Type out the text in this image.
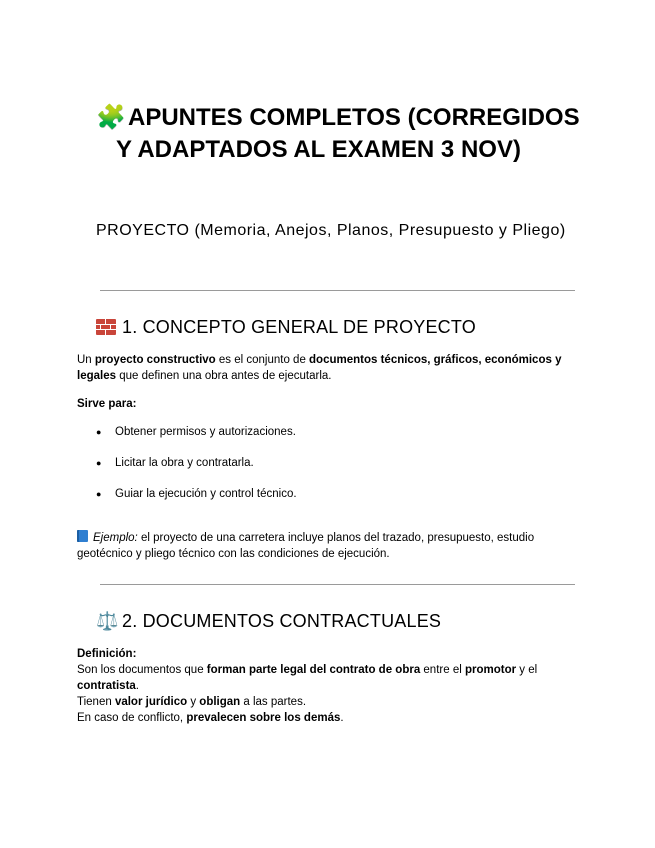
🧩APUNTES COMPLETOS (CORREGIDOS Y ADAPTADOS AL EXAMEN 3 NOV)
PROYECTO (Memoria, Anejos, Planos, Presupuesto y Pliego)
1. CONCEPTO GENERAL DE PROYECTO
Un proyecto constructivo es el conjunto de documentos técnicos, gráficos, económicos y legales que definen una obra antes de ejecutarla.
Sirve para:
● Obtener permisos y autorizaciones.
● Licitar la obra y contratarla.
● Guiar la ejecución y control técnico.
Ejemplo: el proyecto de una carretera incluye planos del trazado, presupuesto, estudio geotécnico y pliego técnico con las condiciones de ejecución.
⚖️ 2. DOCUMENTOS CONTRACTUALES
Definición:
Son los documentos que forman parte legal del contrato de obra entre el promotor y el contratista.
Tienen valor jurídico y obligan a las partes.
En caso de conflicto, prevalecen sobre los demás.
